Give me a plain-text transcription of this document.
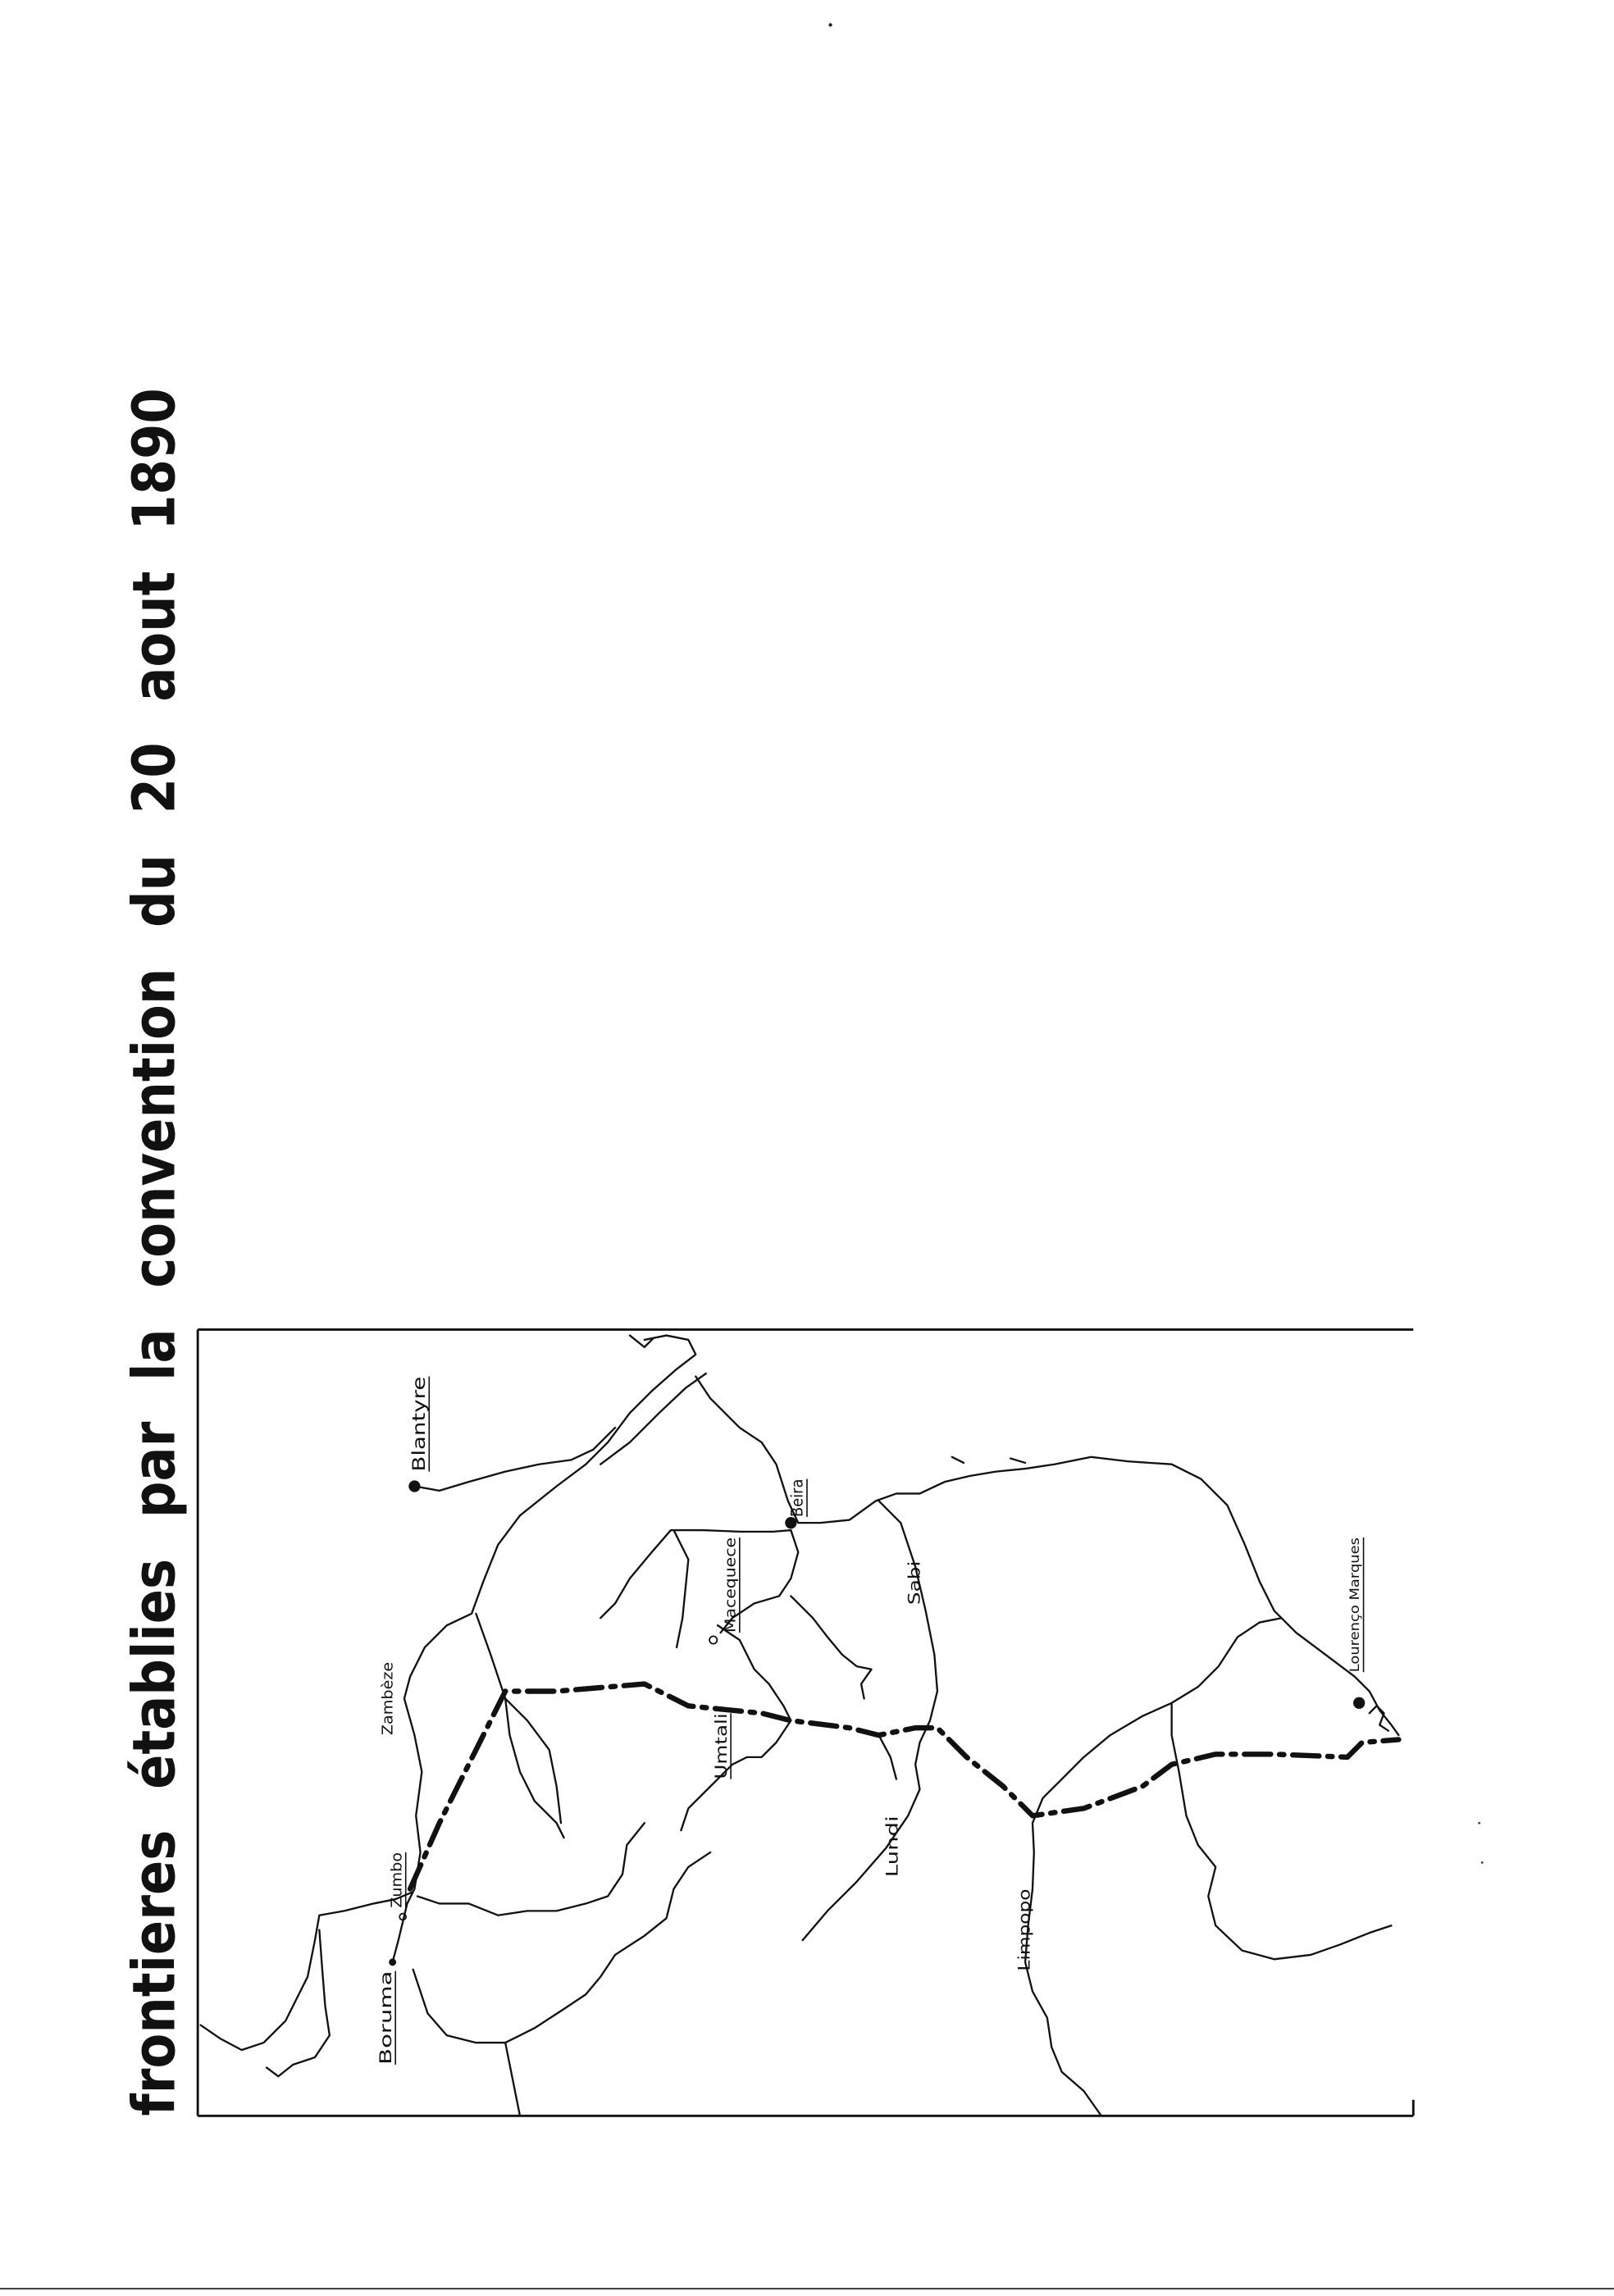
frontieres établies par la convention du 20 aout 1890	Blantyre
Beira
Macequece
Zambèze
Umtali
Sabi
Lundi
Limpopo
Lourenço Marques
Zumbo
Boruma
